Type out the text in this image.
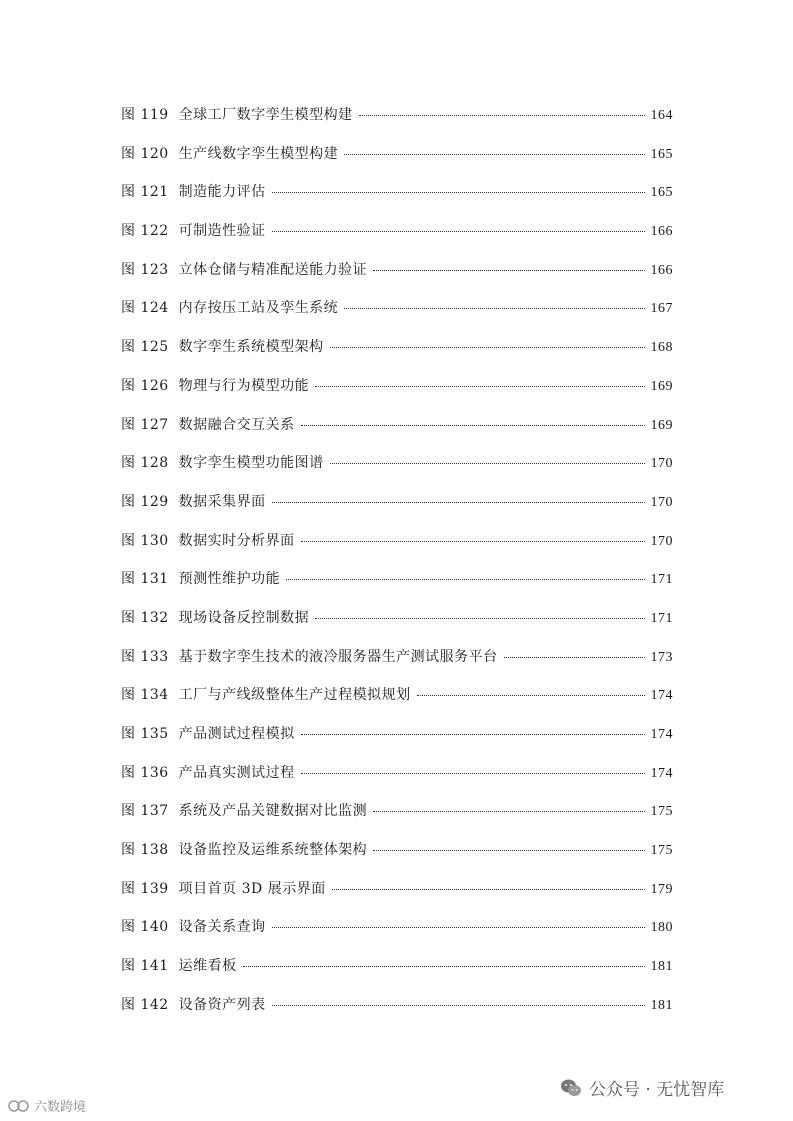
图 119 全球工厂数字孪生模型构建	164
图 120 生产线数字孪生模型构建	165
图 121 制造能力评估	165
图 122 可制造性验证	166
图 123 立体仓储与精准配送能力验证	166
图 124 内存按压工站及孪生系统	167
图 125 数字孪生系统模型架构	168
图 126 物理与行为模型功能	169
图 127 数据融合交互关系	169
图 128 数字孪生模型功能图谱	170
图 129 数据采集界面	170
图 130 数据实时分析界面	170
图 131 预测性维护功能	171
图 132 现场设备反控制数据	171
图 133 基于数字孪生技术的液冷服务器生产测试服务平台	173
图 134 工厂与产线级整体生产过程模拟规划	174
图 135 产品测试过程模拟	174
图 136 产品真实测试过程	174
图 137 系统及产品关键数据对比监测	175
图 138 设备监控及运维系统整体架构	175
图 139 项目首页 3D 展示界面	179
图 140 设备关系查询	180
图 141 运维看板	181
图 142 设备资产列表	181
公众号 · 无忧智库
六数跨境
